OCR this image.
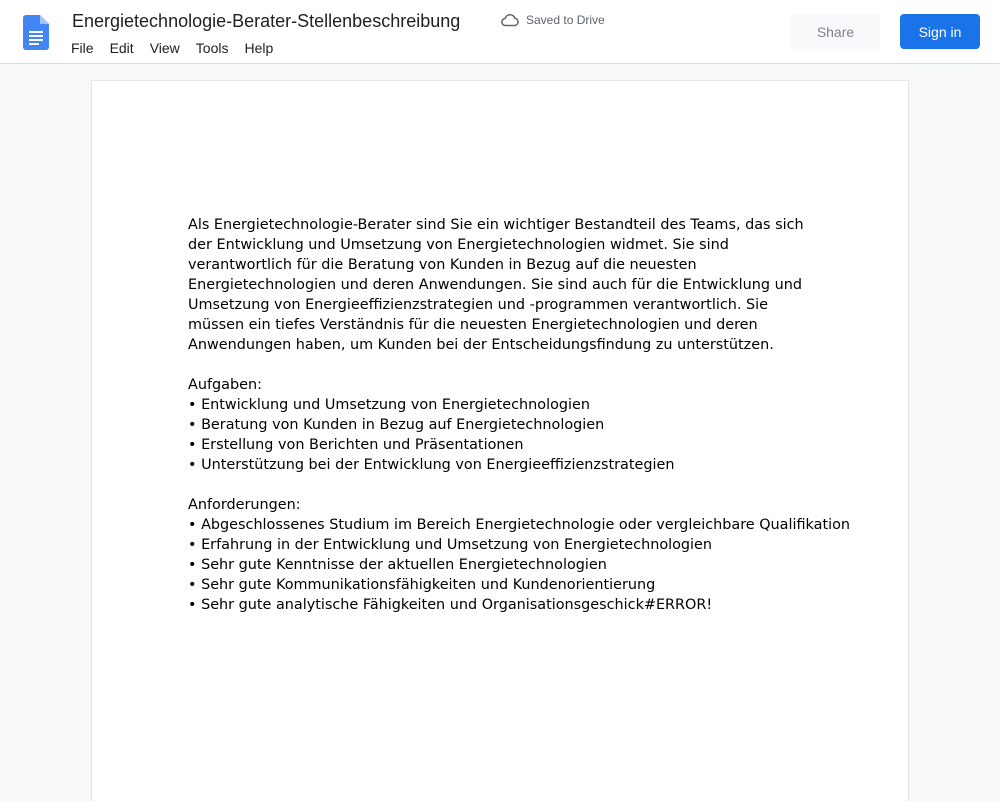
Energietechnologie-Berater-Stellenbeschreibung	Saved to Drive
File	Edit	View	Tools	Help
Share	Sign in

Als Energietechnologie-Berater sind Sie ein wichtiger Bestandteil des Teams, das sich der Entwicklung und Umsetzung von Energietechnologien widmet. Sie sind verantwortlich für die Beratung von Kunden in Bezug auf die neuesten Energietechnologien und deren Anwendungen. Sie sind auch für die Entwicklung und Umsetzung von Energieeffizienzstrategien und -programmen verantwortlich. Sie müssen ein tiefes Verständnis für die neuesten Energietechnologien und deren Anwendungen haben, um Kunden bei der Entscheidungsfindung zu unterstützen.

Aufgaben:
• Entwicklung und Umsetzung von Energietechnologien
• Beratung von Kunden in Bezug auf Energietechnologien
• Erstellung von Berichten und Präsentationen
• Unterstützung bei der Entwicklung von Energieeffizienzstrategien
Anforderungen:
• Abgeschlossenes Studium im Bereich Energietechnologie oder vergleichbare Qualifikation
• Erfahrung in der Entwicklung und Umsetzung von Energietechnologien
• Sehr gute Kenntnisse der aktuellen Energietechnologien
• Sehr gute Kommunikationsfähigkeiten und Kundenorientierung
• Sehr gute analytische Fähigkeiten und Organisationsgeschick#ERROR!
